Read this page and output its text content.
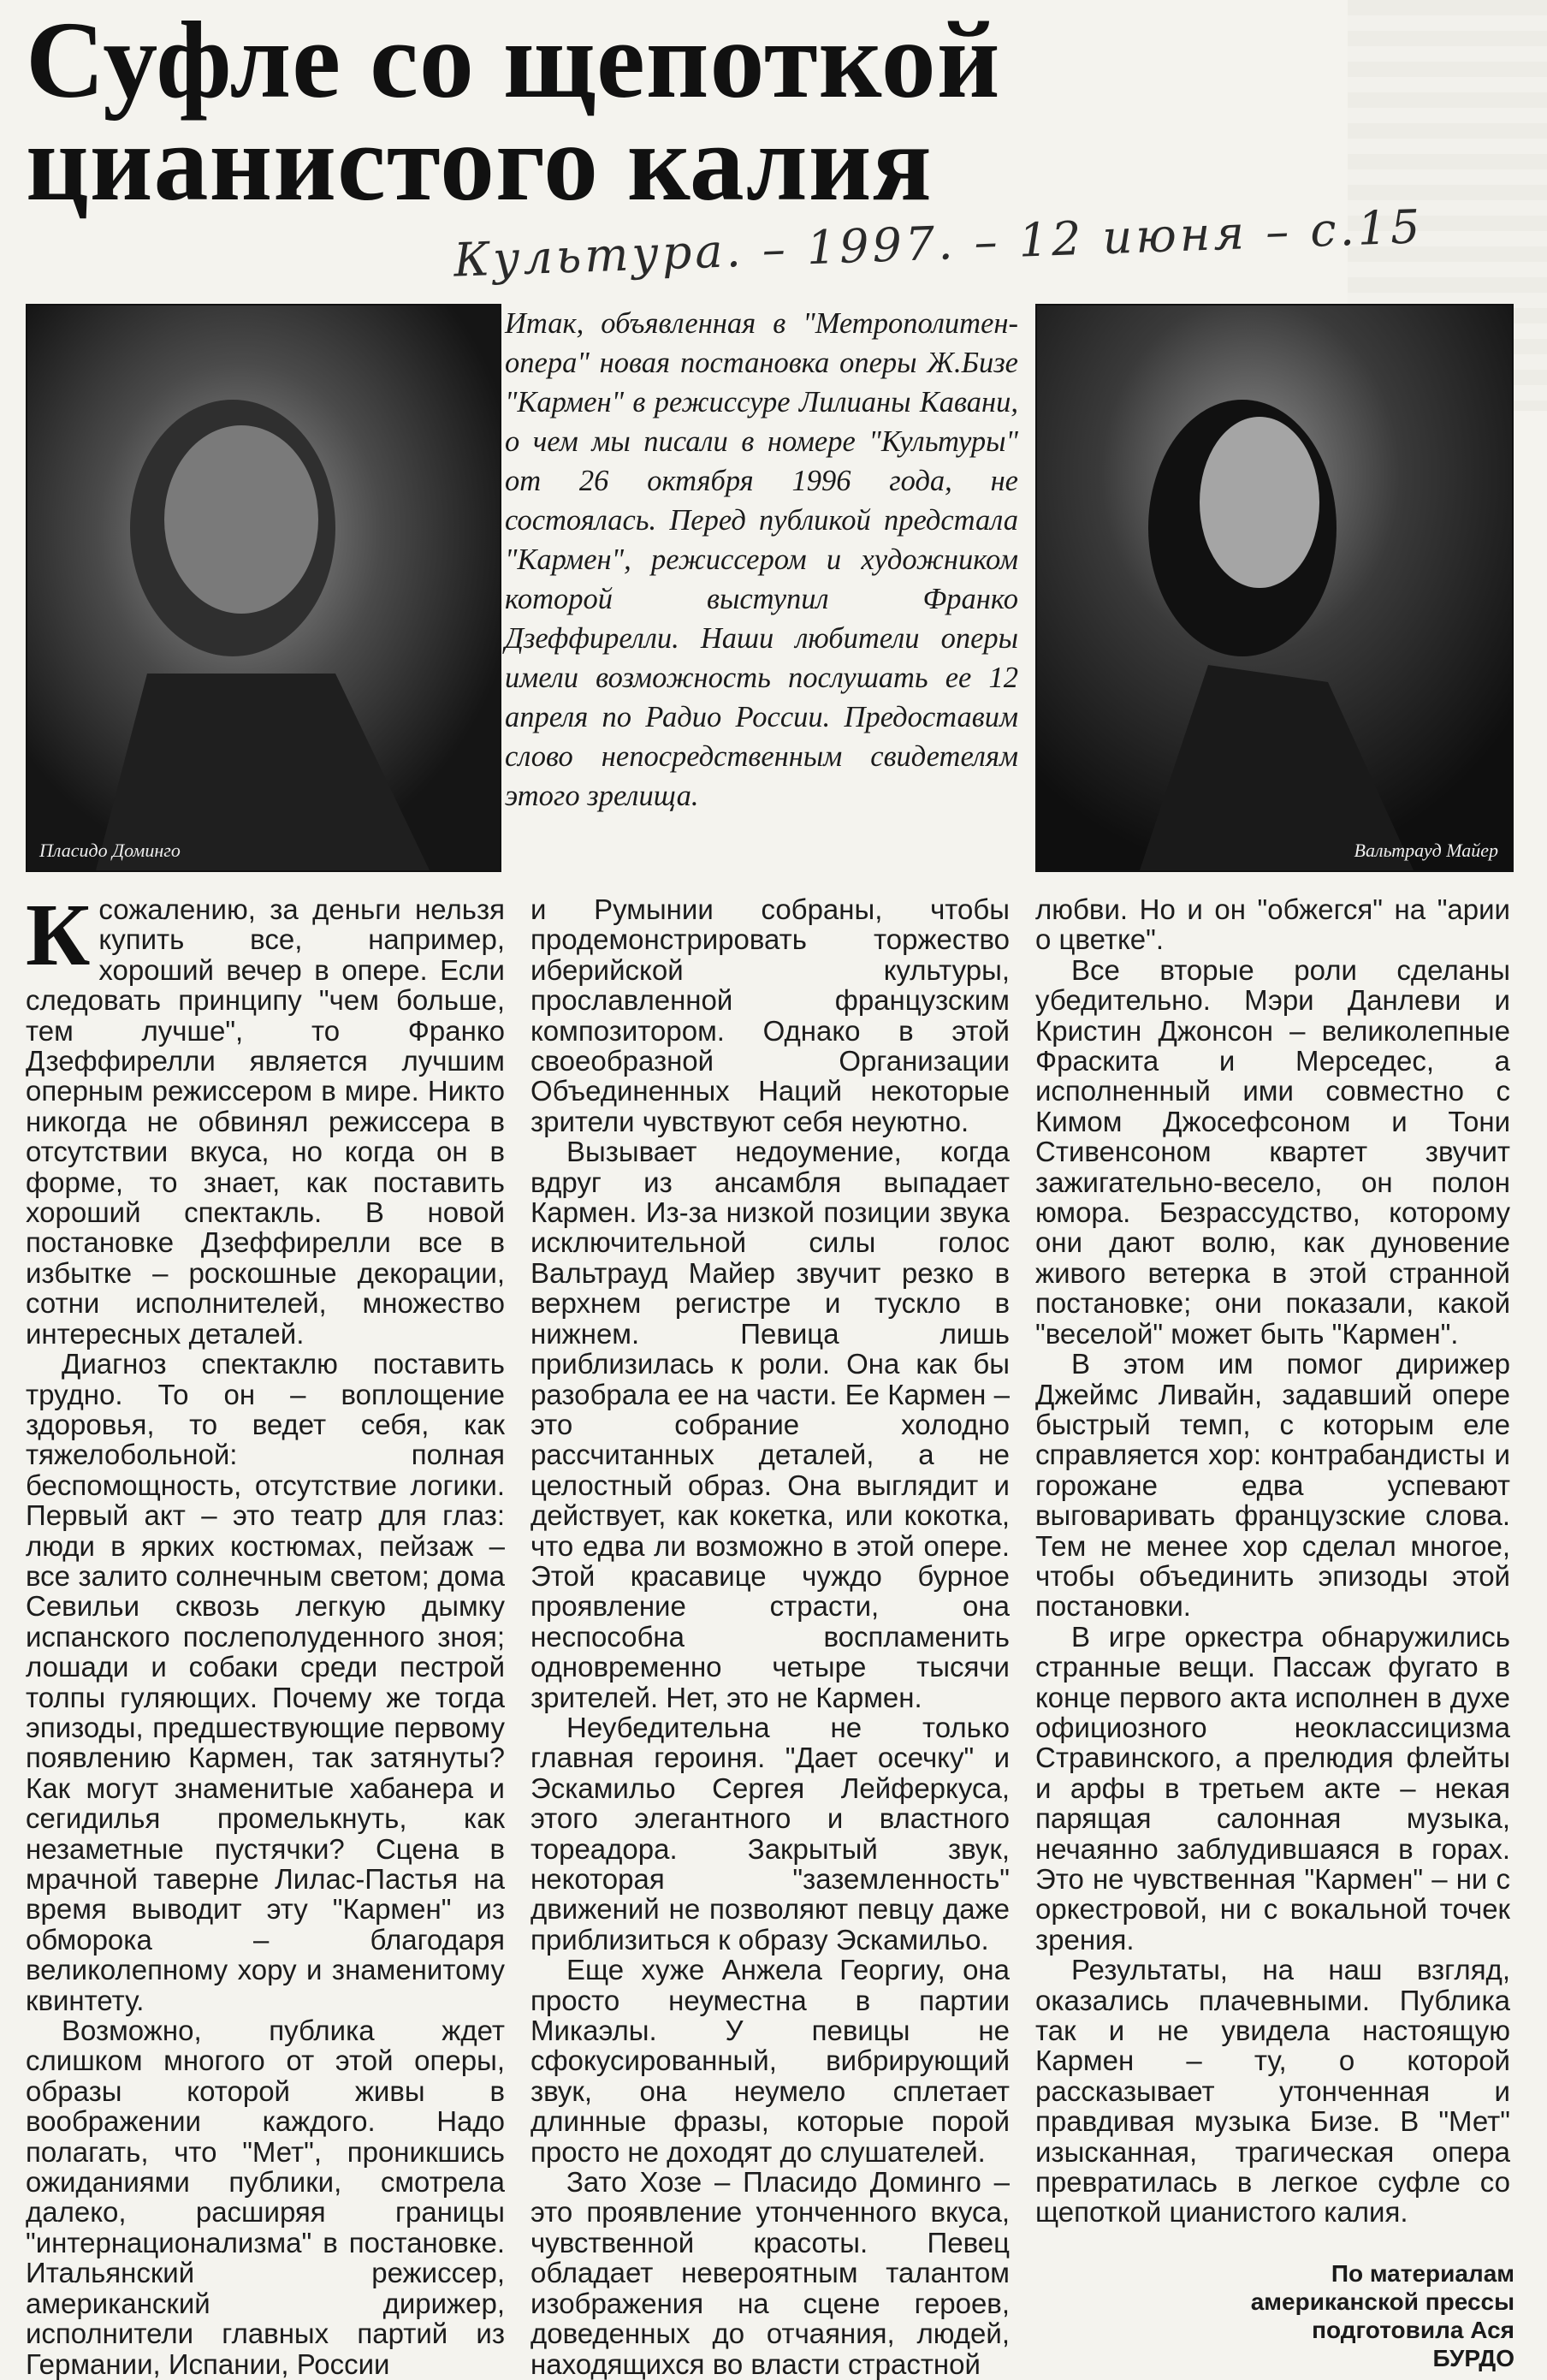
Суфле со щепоткой
цианистого калия
Культура. – 1997. – 12 июня – с.15
Пласидо Доминго	Вальтрауд Майер

Итак, объявленная в "Метрополитен-опера" новая постановка оперы Ж.Бизе "Кармен" в режиссуре Лилианы Кавани, о чем мы писали в номере "Культуры" от 26 октября 1996 года, не состоялась. Перед публикой предстала "Кармен", режиссером и художником которой выступил Франко Дзеффирелли. Наши любители оперы имели возможность послушать ее 12 апреля по Радио России. Предоставим слово непосредственным свидетелям этого зрелища.

Ксожалению, за деньги нельзя купить все, например, хороший вечер в опере. Если следовать принципу "чем больше, тем лучше", то Франко Дзеффирелли является лучшим оперным режиссером в мире. Никто никогда не обвинял режиссера в отсутствии вкуса, но когда он в форме, то знает, как поставить хороший спектакль. В новой постановке Дзеффирелли все в избытке – роскошные декорации, сотни исполнителей, множество интересных деталей.

Диагноз спектаклю поставить трудно. То он – воплощение здоровья, то ведет себя, как тяжелобольной: полная беспомощность, отсутствие логики. Первый акт – это театр для глаз: люди в ярких костюмах, пейзаж – все залито солнечным светом; дома Севильи сквозь легкую дымку испанского послеполуденного зноя; лошади и собаки среди пестрой толпы гуляющих. Почему же тогда эпизоды, предшествующие первому появлению Кармен, так затянуты? Как могут знаменитые хабанера и сегидилья промелькнуть, как незаметные пустячки? Сцена в мрачной таверне Лилас-Пастья на время выводит эту "Кармен" из обморока – благодаря великолепному хору и знаменитому квинтету.

Возможно, публика ждет слишком многого от этой оперы, образы которой живы в воображении каждого. Надо полагать, что "Мет", проникшись ожиданиями публики, смотрела далеко, расширяя границы "интернационализма" в постановке. Итальянский режиссер, американский дирижер, исполнители главных партий из Германии, Испании, России

и Румынии собраны, чтобы продемонстрировать торжество иберийской культуры, прославленной французским композитором. Однако в этой своеобразной Организации Объединенных Наций некоторые зрители чувствуют себя неуютно.

Вызывает недоумение, когда вдруг из ансамбля выпадает Кармен. Из-за низкой позиции звука исключительной силы голос Вальтрауд Майер звучит резко в верхнем регистре и тускло в нижнем. Певица лишь приблизилась к роли. Она как бы разобрала ее на части. Ее Кармен – это собрание холодно рассчитанных деталей, а не целостный образ. Она выглядит и действует, как кокетка, или кокотка, что едва ли возможно в этой опере. Этой красавице чуждо бурное проявление страсти, она неспособна воспламенить одновременно четыре тысячи зрителей. Нет, это не Кармен.

Неубедительна не только главная героиня. "Дает осечку" и Эскамильо Сергея Лейферкуса, этого элегантного и властного тореадора. Закрытый звук, некоторая "заземленность" движений не позволяют певцу даже приблизиться к образу Эскамильо.

Еще хуже Анжела Георгиу, она просто неуместна в партии Микаэлы. У певицы не сфокусированный, вибрирующий звук, она неумело сплетает длинные фразы, которые порой просто не доходят до слушателей.

Зато Хозе – Пласидо Доминго – это проявление утонченного вкуса, чувственной красоты. Певец обладает невероятным талантом изображения на сцене героев, доведенных до отчаяния, людей, находящихся во власти страстной

любви. Но и он "обжегся" на "арии о цветке".

Все вторые роли сделаны убедительно. Мэри Данлеви и Кристин Джонсон – великолепные Фраскита и Мерседес, а исполненный ими совместно с Кимом Джосефсоном и Тони Стивенсоном квартет звучит зажигательно-весело, он полон юмора. Безрассудство, которому они дают волю, как дуновение живого ветерка в этой странной постановке; они показали, какой "веселой" может быть "Кармен".

В этом им помог дирижер Джеймс Ливайн, задавший опере быстрый темп, с которым еле справляется хор: контрабандисты и горожане едва успевают выговаривать французские слова. Тем не менее хор сделал многое, чтобы объединить эпизоды этой постановки.

В игре оркестра обнаружились странные вещи. Пассаж фугато в конце первого акта исполнен в духе официозного неоклассицизма Стравинского, а прелюдия флейты и арфы в третьем акте – некая парящая салонная музыка, нечаянно заблудившаяся в горах. Это не чувственная "Кармен" – ни с оркестровой, ни с вокальной точек зрения.

Результаты, на наш взгляд, оказались плачевными. Публика так и не увидела настоящую Кармен – ту, о которой рассказывает утонченная и правдивая музыка Бизе. В "Мет" изысканная, трагическая опера превратилась в легкое суфле со щепоткой цианистого калия.

По материалам
американской прессы
подготовила Ася БУРДО
